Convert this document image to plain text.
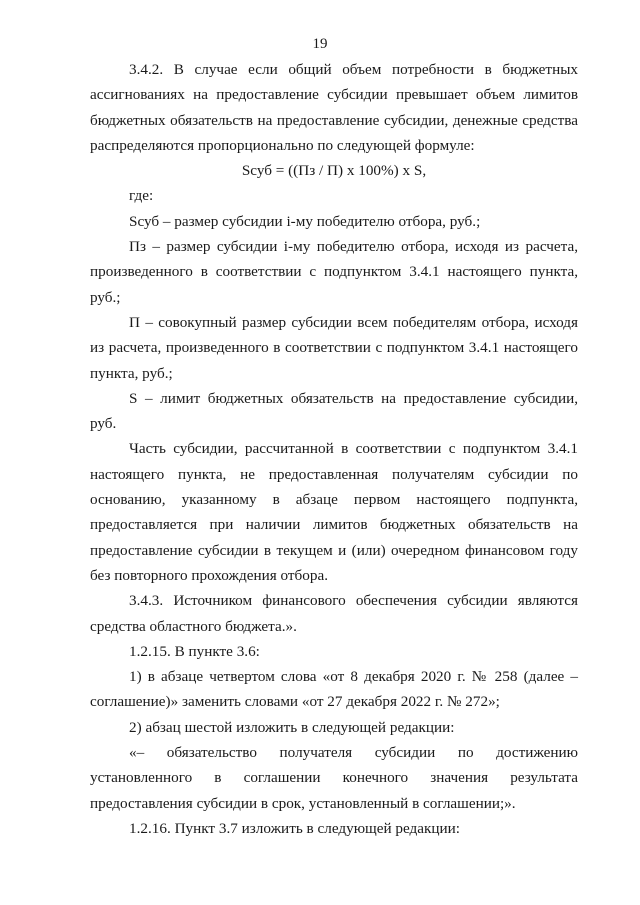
19

3.4.2. В случае если общий объем потребности в бюджетных ассигнованиях на предоставление субсидии превышает объем лимитов бюджетных обязательств на предоставление субсидии, денежные средства распределяются пропорционально по следующей формуле:

Sсуб = ((Пз / П) x 100%) x S,

где:

Sсуб – размер субсидии i-му победителю отбора, руб.;

Пз – размер субсидии i-му победителю отбора, исходя из расчета, произведенного в соответствии с подпунктом 3.4.1 настоящего пункта, руб.;

П – совокупный размер субсидии всем победителям отбора, исходя из расчета, произведенного в соответствии с подпунктом 3.4.1 настоящего пункта, руб.;

S – лимит бюджетных обязательств на предоставление субсидии, руб.

Часть субсидии, рассчитанной в соответствии с подпунктом 3.4.1 настоящего пункта, не предоставленная получателям субсидии по основанию, указанному в абзаце первом настоящего подпункта, предоставляется при наличии лимитов бюджетных обязательств на предоставление субсидии в текущем и (или) очередном финансовом году без повторного прохождения отбора.

3.4.3. Источником финансового обеспечения субсидии являются средства областного бюджета.».

1.2.15. В пункте 3.6:

1) в абзаце четвертом слова «от 8 декабря 2020 г. № 258 (далее – соглашение)» заменить словами «от 27 декабря 2022 г. № 272»;

2) абзац шестой изложить в следующей редакции:

«– обязательство получателя субсидии по достижению установленного в соглашении конечного значения результата предоставления субсидии в срок, установленный в соглашении;».

1.2.16. Пункт 3.7 изложить в следующей редакции:
